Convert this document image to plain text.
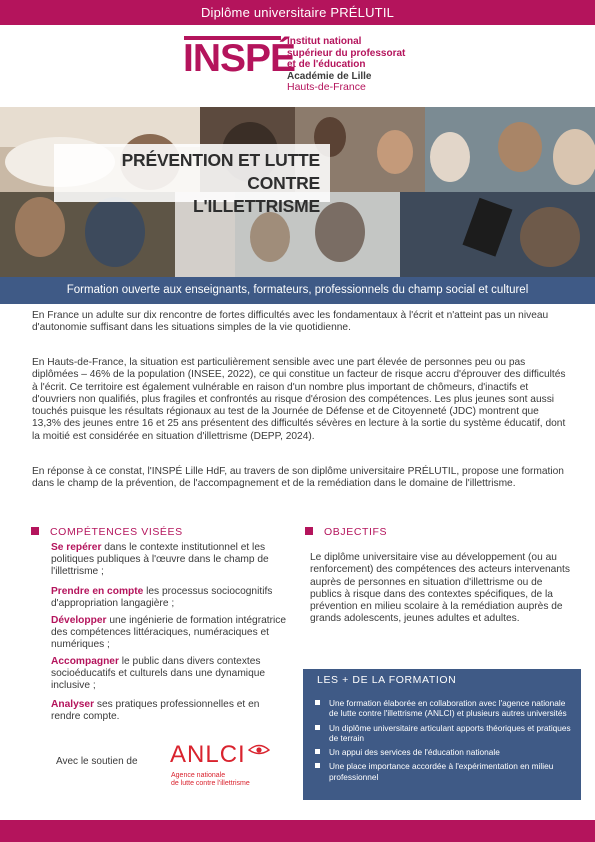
Diplôme universitaire PRÉLUTIL
INSPÉ
Institut national
supérieur du professorat
et de l'éducation
Académie de Lille
Hauts-de-France
PRÉVENTION ET LUTTE CONTRE
L'ILLETTRISME
Formation ouverte aux enseignants, formateurs, professionnels du champ social et culturel
En France un adulte sur dix rencontre de fortes difficultés avec les fondamentaux à l'écrit et n'atteint pas un niveau d'autonomie suffisant dans les situations simples de la vie quotidienne.
En Hauts-de-France, la situation est particulièrement sensible avec une part élevée de personnes peu ou pas diplômées – 46% de la population (INSEE, 2022), ce qui constitue un facteur de risque accru d'éprouver des difficultés à l'écrit. Ce territoire est également vulnérable en raison d'un nombre plus important de chômeurs, d'inactifs et d'ouvriers non qualifiés, plus fragiles et confrontés au risque d'érosion des compétences. Les plus jeunes sont aussi touchés puisque les résultats régionaux au test de la Journée de Défense et de Citoyenneté (JDC) montrent que 13,3% des jeunes entre 16 et 25 ans présentent des difficultés sévères en lecture à la sortie du système éducatif, dont la moitié est considérée en situation d'illettrisme (DEPP, 2024).
En réponse à ce constat, l'INSPÉ Lille HdF, au travers de son diplôme universitaire PRÉLUTIL, propose une formation dans le champ de la prévention, de l'accompagnement et de la remédiation dans le domaine de l'illettrisme.
COMPÉTENCES VISÉES
Se repérer dans le contexte institutionnel et les politiques publiques à l'œuvre dans le champ de l'illettrisme ;
Prendre en compte les processus sociocognitifs d'appropriation langagière ;
Développer une ingénierie de formation intégratrice des compétences littéraciques, numéraciques et numériques ;
Accompagner le public dans divers contextes socioéducatifs et culturels dans une dynamique inclusive ;
Analyser ses pratiques professionnelles et en rendre compte.
OBJECTIFS
Le diplôme universitaire vise au développement (ou au renforcement) des compétences des acteurs intervenants auprès de personnes en situation d'illettrisme ou de publics à risque dans des contextes spécifiques, de la prévention en milieu scolaire à la remédiation auprès de grands adolescents, jeunes adultes et adultes.
LES + DE LA FORMATION
Une formation élaborée en collaboration avec l'agence nationale de lutte contre l'illettrisme (ANLCI) et plusieurs autres universités
Un diplôme universitaire articulant apports théoriques et pratiques de terrain
Un appui des services de l'éducation nationale
Une place importance accordée à l'expérimentation en milieu professionnel
Avec le soutien de ANLCI
Agence nationale
de lutte contre l'illettrisme
